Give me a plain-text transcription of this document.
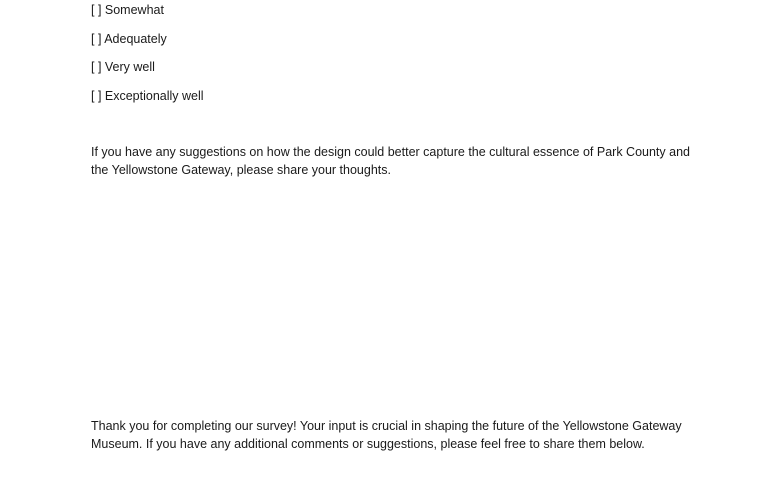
[ ] Somewhat
[ ] Adequately
[ ] Very well
[ ] Exceptionally well
If you have any suggestions on how the design could better capture the cultural essence of Park County and the Yellowstone Gateway, please share your thoughts.
Thank you for completing our survey! Your input is crucial in shaping the future of the Yellowstone Gateway Museum. If you have any additional comments or suggestions, please feel free to share them below.
